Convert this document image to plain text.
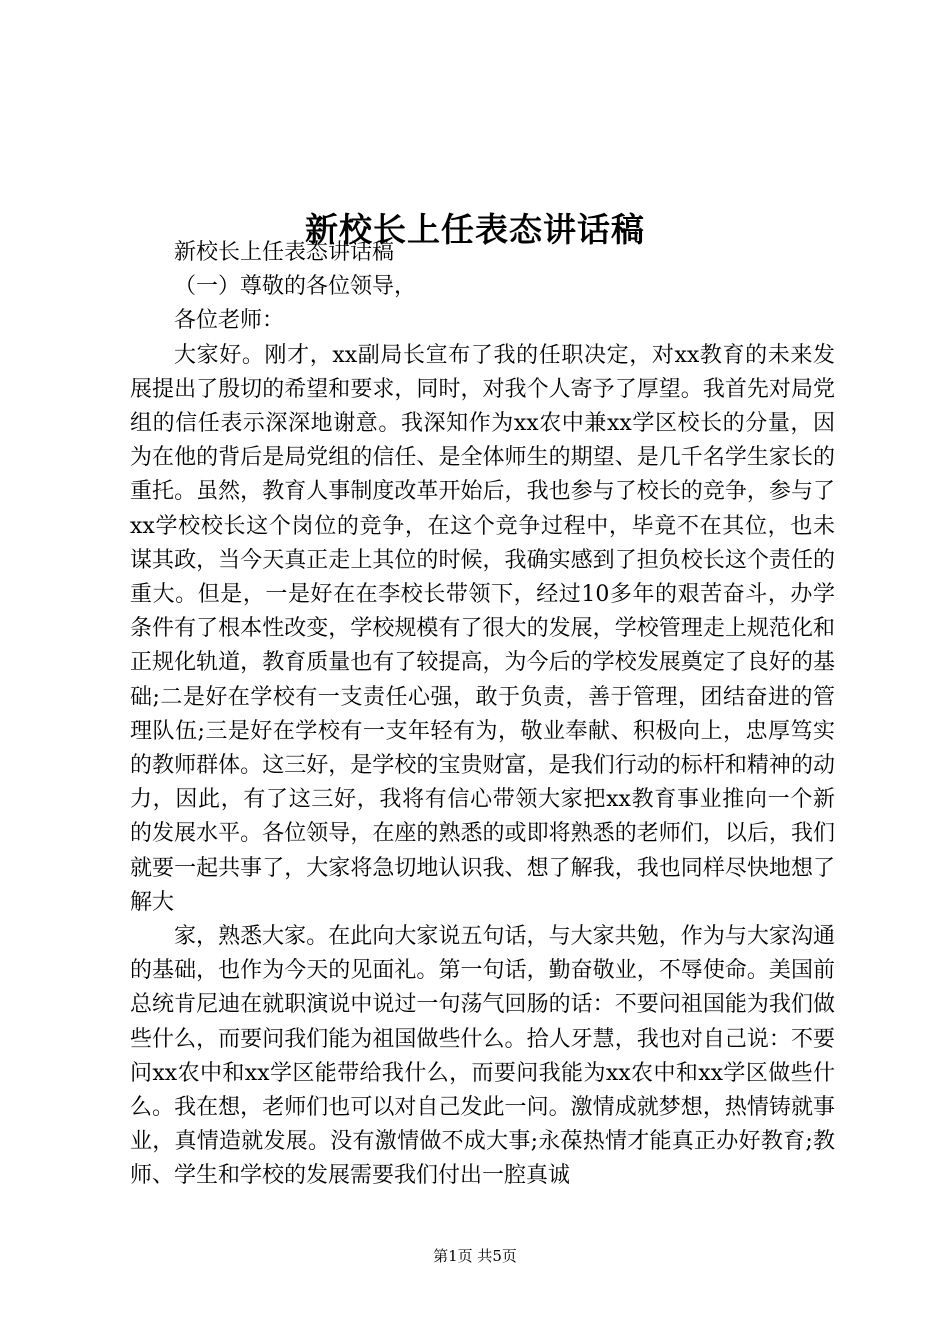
新校长上任表态讲话稿

新校长上任表态讲话稿

（一）尊敬的各位领导，

各位老师：

大家好。刚才，xx副局长宣布了我的任职决定，对xx教育的未来发展提出了殷切的希望和要求，同时，对我个人寄予了厚望。我首先对局党组的信任表示深深地谢意。我深知作为xx农中兼xx学区校长的分量，因为在他的背后是局党组的信任、是全体师生的期望、是几千名学生家长的重托。虽然，教育人事制度改革开始后，我也参与了校长的竞争，参与了xx学校校长这个岗位的竞争，在这个竞争过程中，毕竟不在其位，也未谋其政，当今天真正走上其位的时候，我确实感到了担负校长这个责任的重大。但是，一是好在在李校长带领下，经过10多年的艰苦奋斗，办学条件有了根本性改变，学校规模有了很大的发展，学校管理走上规范化和正规化轨道，教育质量也有了较提高，为今后的学校发展奠定了良好的基础;二是好在学校有一支责任心强，敢于负责，善于管理，团结奋进的管理队伍;三是好在学校有一支年轻有为，敬业奉献、积极向上，忠厚笃实的教师群体。这三好，是学校的宝贵财富，是我们行动的标杆和精神的动力，因此，有了这三好，我将有信心带领大家把xx教育事业推向一个新的发展水平。各位领导，在座的熟悉的或即将熟悉的老师们，以后，我们就要一起共事了，大家将急切地认识我、想了解我，我也同样尽快地想了解大

家，熟悉大家。在此向大家说五句话，与大家共勉，作为与大家沟通的基础，也作为今天的见面礼。第一句话，勤奋敬业，不辱使命。美国前总统肯尼迪在就职演说中说过一句荡气回肠的话：不要问祖国能为我们做些什么，而要问我们能为祖国做些什么。拾人牙慧，我也对自己说：不要问xx农中和xx学区能带给我什么，而要问我能为xx农中和xx学区做些什么。我在想，老师们也可以对自己发此一问。激情成就梦想，热情铸就事业，真情造就发展。没有激情做不成大事;永葆热情才能真正办好教育;教师、学生和学校的发展需要我们付出一腔真诚

第1页 共5页
